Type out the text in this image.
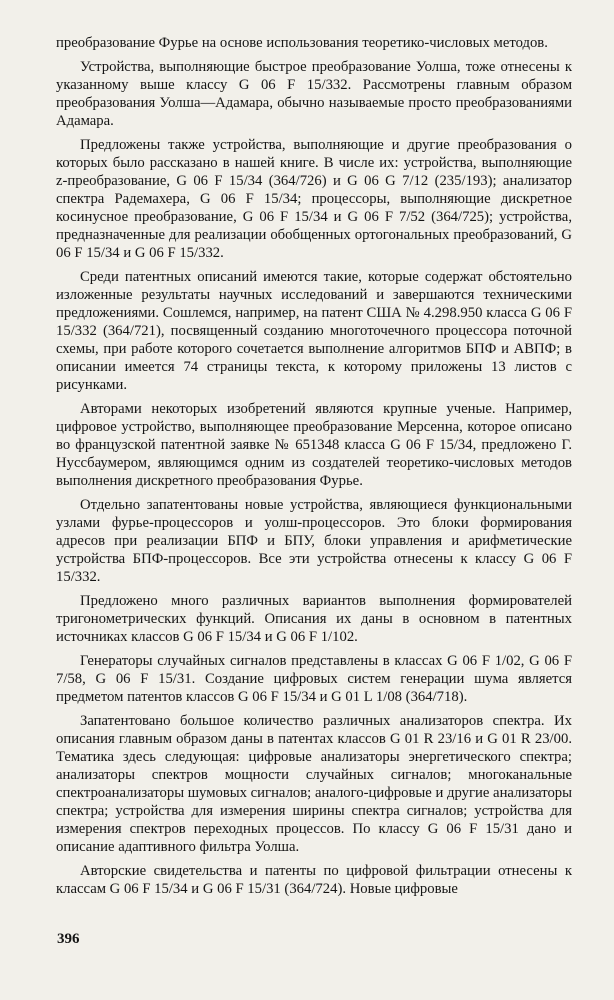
преобразование Фурье на основе использования теоретико-числовых методов.

Устройства, выполняющие быстрое преобразование Уолша, тоже отнесены к указанному выше классу G 06 F 15/332. Рассмотрены главным образом преобразования Уолша—Адамара, обычно называемые просто преобразованиями Адамара.

Предложены также устройства, выполняющие и другие преобразования о которых было рассказано в нашей книге. В числе их: устройства, выполняющие z-преобразование, G 06 F 15/34 (364/726) и G 06 G 7/12 (235/193); анализатор спектра Радемахера, G 06 F 15/34; процессоры, выполняющие дискретное косинусное преобразование, G 06 F 15/34 и G 06 F 7/52 (364/725); устройства, предназначенные для реализации обобщенных ортогональных преобразований, G 06 F 15/34 и G 06 F 15/332.

Среди патентных описаний имеются такие, которые содержат обстоятельно изложенные результаты научных исследований и завершаются техническими предложениями. Сошлемся, например, на патент США № 4.298.950 класса G 06 F 15/332 (364/721), посвященный созданию многоточечного процессора поточной схемы, при работе которого сочетается выполнение алгоритмов БПФ и АВПФ; в описании имеется 74 страницы текста, к которому приложены 13 листов с рисунками.

Авторами некоторых изобретений являются крупные ученые. Например, цифровое устройство, выполняющее преобразование Мерсенна, которое описано во французской патентной заявке № 651348 класса G 06 F 15/34, предложено Г. Нуссбаумером, являющимся одним из создателей теоретико-числовых методов выполнения дискретного преобразования Фурье.

Отдельно запатентованы новые устройства, являющиеся функциональными узлами фурье-процессоров и уолш-процессоров. Это блоки формирования адресов при реализации БПФ и БПУ, блоки управления и арифметические устройства БПФ-процессоров. Все эти устройства отнесены к классу G 06 F 15/332.

Предложено много различных вариантов выполнения формирователей тригонометрических функций. Описания их даны в основном в патентных источниках классов G 06 F 15/34 и G 06 F 1/102.

Генераторы случайных сигналов представлены в классах G 06 F 1/02, G 06 F 7/58, G 06 F 15/31. Создание цифровых систем генерации шума является предметом патентов классов G 06 F 15/34 и G 01 L 1/08 (364/718).

Запатентовано большое количество различных анализаторов спектра. Их описания главным образом даны в патентах классов G 01 R 23/16 и G 01 R 23/00. Тематика здесь следующая: цифровые анализаторы энергетического спектра; анализаторы спектров мощности случайных сигналов; многоканальные спектроанализаторы шумовых сигналов; аналого-цифровые и другие анализаторы спектра; устройства для измерения ширины спектра сигналов; устройства для измерения спектров переходных процессов. По классу G 06 F 15/31 дано и описание адаптивного фильтра Уолша.

Авторские свидетельства и патенты по цифровой фильтрации отнесены к классам G 06 F 15/34 и G 06 F 15/31 (364/724). Новые цифровые

396
